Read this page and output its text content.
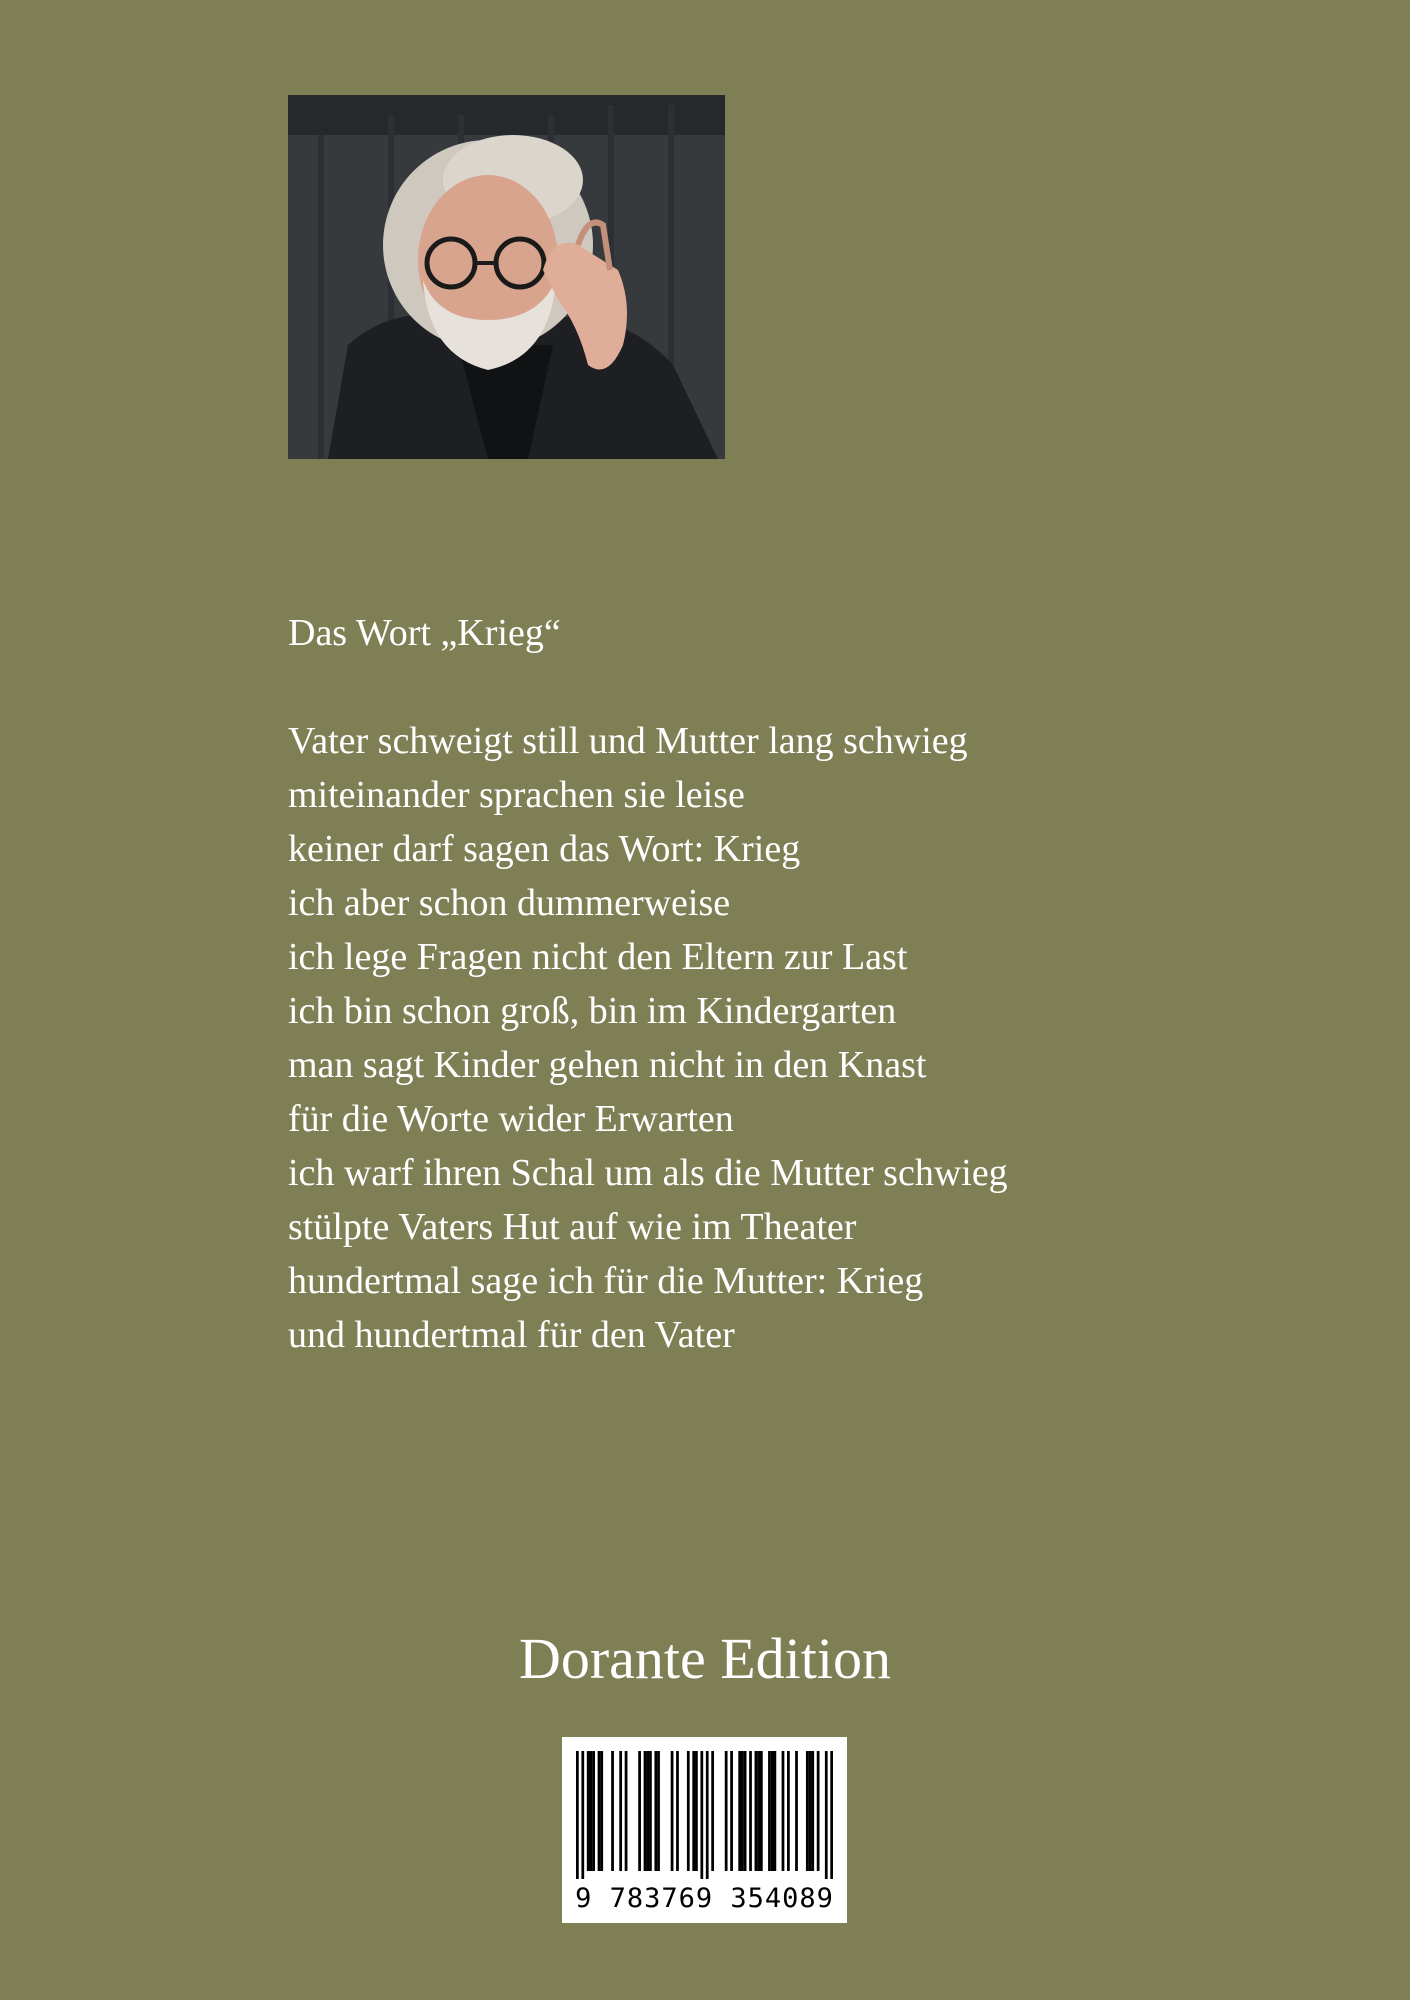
Das Wort „Krieg“

Vater schweigt still und Mutter lang schwieg
miteinander sprachen sie leise
keiner darf sagen das Wort: Krieg
ich aber schon dummerweise
ich lege Fragen nicht den Eltern zur Last
ich bin schon groß, bin im Kindergarten
man sagt Kinder gehen nicht in den Knast
für die Worte wider Erwarten
ich warf ihren Schal um als die Mutter schwieg
stülpte Vaters Hut auf wie im Theater
hundertmal sage ich für die Mutter: Krieg
und hundertmal für den Vater
Dorante Edition
9 783769 354089
